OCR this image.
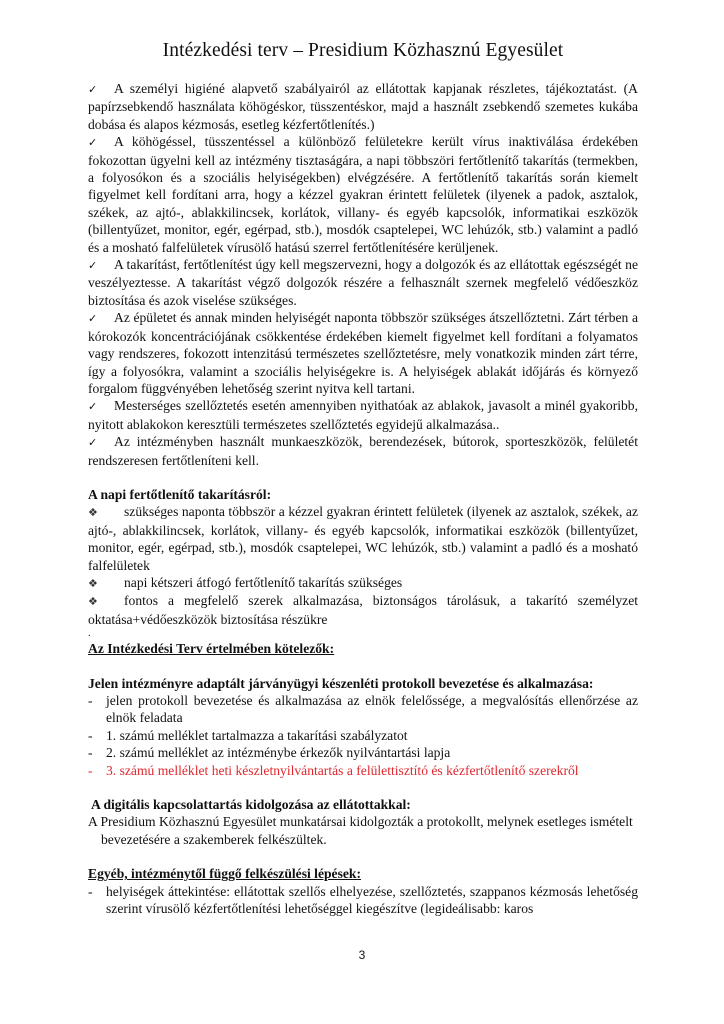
Intézkedési terv – Presidium Közhasznú Egyesület

✓ A személyi higiéné alapvető szabályairól az ellátottak kapjanak részletes, tájékoztatást. (A papírzsebkendő használata köhögéskor, tüsszentéskor, majd a használt zsebkendő szemetes kukába dobása és alapos kézmosás, esetleg kézfertőtlenítés.)

✓ A köhögéssel, tüsszentéssel a különböző felületekre került vírus inaktiválása érdekében fokozottan ügyelni kell az intézmény tisztaságára, a napi többszöri fertőtlenítő takarítás (termekben, a folyosókon és a szociális helyiségekben) elvégzésére. A fertőtlenítő takarítás során kiemelt figyelmet kell fordítani arra, hogy a kézzel gyakran érintett felületek (ilyenek a padok, asztalok, székek, az ajtó-, ablakkilincsek, korlátok, villany- és egyéb kapcsolók, informatikai eszközök (billentyűzet, monitor, egér, egérpad, stb.), mosdók csaptelepei, WC lehúzók, stb.) valamint a padló és a mosható falfelületek vírusölő hatású szerrel fertőtlenítésére kerüljenek.

✓ A takarítást, fertőtlenítést úgy kell megszervezni, hogy a dolgozók és az ellátottak egészségét ne veszélyeztesse. A takarítást végző dolgozók részére a felhasznált szernek megfelelő védőeszköz biztosítása és azok viselése szükséges.

✓ Az épületet és annak minden helyiségét naponta többször szükséges átszellőztetni. Zárt térben a kórokozók koncentrációjának csökkentése érdekében kiemelt figyelmet kell fordítani a folyamatos vagy rendszeres, fokozott intenzitású természetes szellőztetésre, mely vonatkozik minden zárt térre, így a folyosókra, valamint a szociális helyiségekre is. A helyiségek ablakát időjárás és környező forgalom függvényében lehetőség szerint nyitva kell tartani.

✓ Mesterséges szellőztetés esetén amennyiben nyithatóak az ablakok, javasolt a minél gyakoribb, nyitott ablakokon keresztüli természetes szellőztetés egyidejű alkalmazása..

✓ Az intézményben használt munkaeszközök, berendezések, bútorok, sporteszközök, felületét rendszeresen fertőtleníteni kell.

A napi fertőtlenítő takarításról:

❖ szükséges naponta többször a kézzel gyakran érintett felületek (ilyenek az asztalok, székek, az ajtó-, ablakkilincsek, korlátok, villany- és egyéb kapcsolók, informatikai eszközök (billentyűzet, monitor, egér, egérpad, stb.), mosdók csaptelepei, WC lehúzók, stb.) valamint a padló és a mosható falfelületek

❖ napi kétszeri átfogó fertőtlenítő takarítás szükséges

❖ fontos a megfelelő szerek alkalmazása, biztonságos tárolásuk, a takarító személyzet oktatása+védőeszközök biztosítása részükre

.
Az Intézkedési Terv értelmében kötelezők:
Jelen intézményre adaptált járványügyi készenléti protokoll bevezetése és alkalmazása:
- jelen protokoll bevezetése és alkalmazása az elnök felelőssége, a megvalósítás ellenőrzése az elnök feladata
- 1. számú melléklet tartalmazza a takarítási szabályzatot
- 2. számú melléklet az intézménybe érkezők nyilvántartási lapja
- 3. számú melléklet heti készletnyilvántartás a felülettisztító és kézfertőtlenítő szerekről
A digitális kapcsolattartás kidolgozása az ellátottakkal:

A Presidium Közhasznú Egyesület munkatársai kidolgozták a protokollt, melynek esetleges ismételt bevezetésére a szakemberek felkészültek.

Egyéb, intézménytől függő felkészülési lépések:
- helyiségek áttekintése: ellátottak szellős elhelyezése, szellőztetés, szappanos kézmosás lehetőség szerint vírusölő kézfertőtlenítési lehetőséggel kiegészítve (legideálisabb: karos
3
